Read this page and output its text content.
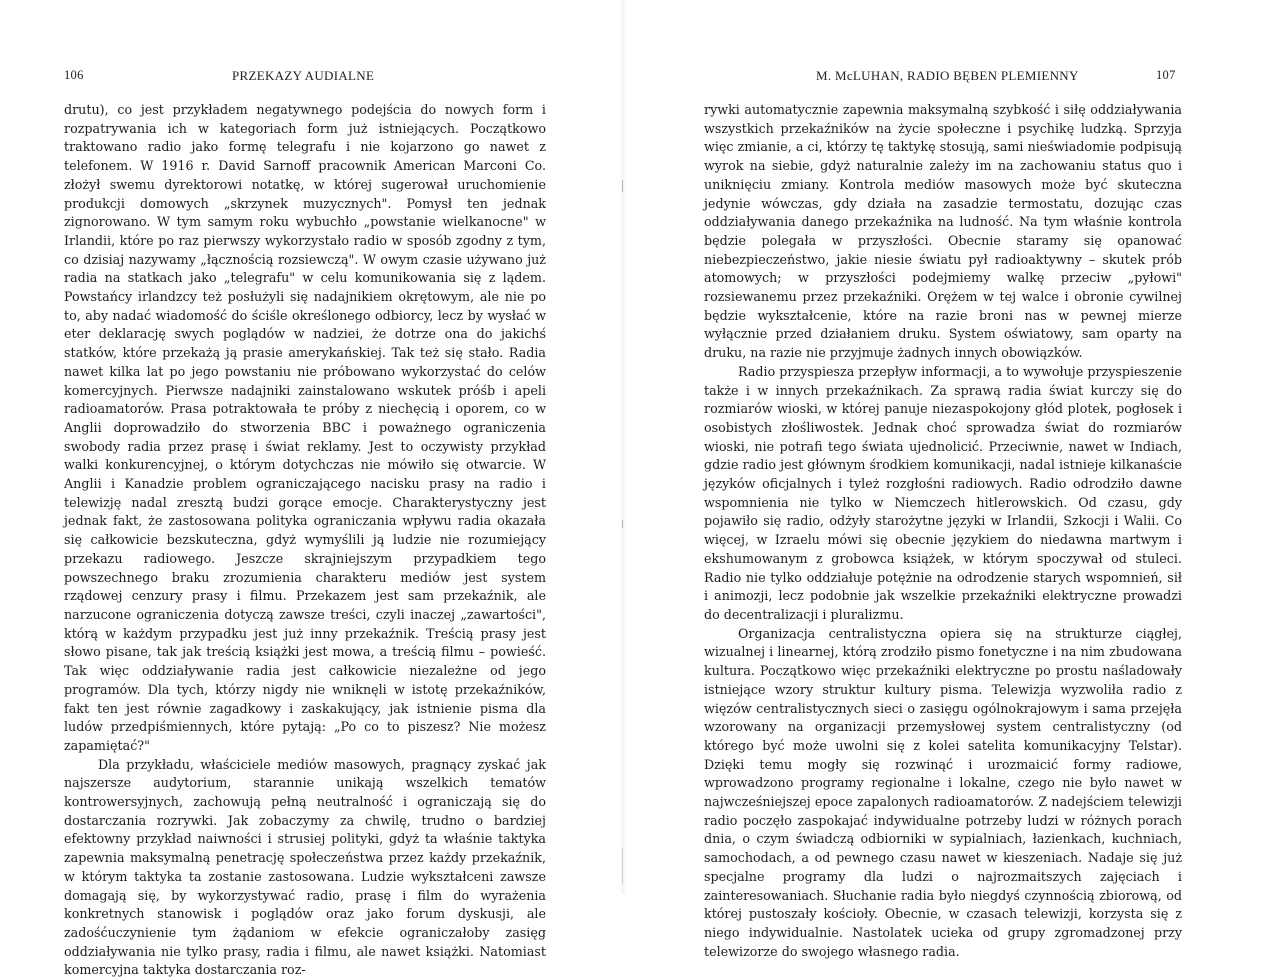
106	PRZEKAZY AUDIALNE

drutu), co jest przykładem negatywnego podejścia do nowych form i rozpatrywania ich w kategoriach form już istniejących. Początkowo traktowano radio jako formę telegrafu i nie kojarzono go nawet z telefonem. W 1916 r. David Sarnoff pracownik American Marconi Co. złożył swemu dyrektorowi notatkę, w której sugerował uruchomienie produkcji domowych „skrzynek muzycznych". Pomysł ten jednak zignorowano. W tym samym roku wybuchło „powstanie wielkanocne" w Irlandii, które po raz pierwszy wykorzystało radio w sposób zgodny z tym, co dzisiaj nazywamy „łącznością rozsiewczą". W owym czasie używano już radia na statkach jako „telegrafu" w celu komunikowania się z lądem. Powstańcy irlandzcy też posłużyli się nadajnikiem okrętowym, ale nie po to, aby nadać wiadomość do ściśle określonego odbiorcy, lecz by wysłać w eter deklarację swych poglądów w nadziei, że dotrze ona do jakichś statków, które przekażą ją prasie amerykańskiej. Tak też się stało. Radia nawet kilka lat po jego powstaniu nie próbowano wykorzystać do celów komercyjnych. Pierwsze nadajniki zainstalowano wskutek próśb i apeli radioamatorów. Prasa potraktowała te próby z niechęcią i oporem, co w Anglii doprowadziło do stworzenia BBC i poważnego ograniczenia swobody radia przez prasę i świat reklamy. Jest to oczywisty przykład walki konkurencyjnej, o którym dotychczas nie mówiło się otwarcie. W Anglii i Kanadzie problem ograniczającego nacisku prasy na radio i telewizję nadal zresztą budzi gorące emocje. Charakterystyczny jest jednak fakt, że zastosowana polityka ograniczania wpływu radia okazała się całkowicie bezskuteczna, gdyż wymyślili ją ludzie nie rozumiejący przekazu radiowego. Jeszcze skrajniejszym przypadkiem tego powszechnego braku zrozumienia charakteru mediów jest system rządowej cenzury prasy i filmu. Przekazem jest sam przekaźnik, ale narzucone ograniczenia dotyczą zawsze treści, czyli inaczej „zawartości", którą w każdym przypadku jest już inny przekaźnik. Treścią prasy jest słowo pisane, tak jak treścią książki jest mowa, a treścią filmu – powieść. Tak więc oddziaływanie radia jest całkowicie niezależne od jego programów. Dla tych, którzy nigdy nie wniknęli w istotę przekaźników, fakt ten jest równie zagadkowy i zaskakujący, jak istnienie pisma dla ludów przedpiśmiennych, które pytają: „Po co to piszesz? Nie możesz zapamiętać?"

Dla przykładu, właściciele mediów masowych, pragnący zyskać jak najszersze audytorium, starannie unikają wszelkich tematów kontrowersyjnych, zachowują pełną neutralność i ograniczają się do dostarczania rozrywki. Jak zobaczymy za chwilę, trudno o bardziej efektowny przykład naiwności i strusiej polityki, gdyż ta właśnie taktyka zapewnia maksymalną penetrację społeczeństwa przez każdy przekaźnik, w którym taktyka ta zostanie zastosowana. Ludzie wykształceni zawsze domagają się, by wykorzystywać radio, prasę i film do wyrażenia konkretnych stanowisk i poglądów oraz jako forum dyskusji, ale zadośćuczynienie tym żądaniom w efekcie ograniczałoby zasięg oddziaływania nie tylko prasy, radia i filmu, ale nawet książki. Natomiast komercyjna taktyka dostarczania roz-

M. McLUHAN, RADIO BĘBEN PLEMIENNY	107

rywki automatycznie zapewnia maksymalną szybkość i siłę oddziaływania wszystkich przekaźników na życie społeczne i psychikę ludzką. Sprzyja więc zmianie, a ci, którzy tę taktykę stosują, sami nieświadomie podpisują wyrok na siebie, gdyż naturalnie zależy im na zachowaniu status quo i uniknięciu zmiany. Kontrola mediów masowych może być skuteczna jedynie wówczas, gdy działa na zasadzie termostatu, dozując czas oddziaływania danego przekaźnika na ludność. Na tym właśnie kontrola będzie polegała w przyszłości. Obecnie staramy się opanować niebezpieczeństwo, jakie niesie światu pył radioaktywny – skutek prób atomowych; w przyszłości podejmiemy walkę przeciw „pyłowi" rozsiewanemu przez przekaźniki. Orężem w tej walce i obronie cywilnej będzie wykształcenie, które na razie broni nas w pewnej mierze wyłącznie przed działaniem druku. System oświatowy, sam oparty na druku, na razie nie przyjmuje żadnych innych obowiązków.

Radio przyspiesza przepływ informacji, a to wywołuje przyspieszenie także i w innych przekaźnikach. Za sprawą radia świat kurczy się do rozmiarów wioski, w której panuje niezaspokojony głód plotek, pogłosek i osobistych złośliwostek. Jednak choć sprowadza świat do rozmiarów wioski, nie potrafi tego świata ujednolicić. Przeciwnie, nawet w Indiach, gdzie radio jest głównym środkiem komunikacji, nadal istnieje kilkanaście języków oficjalnych i tyleż rozgłośni radiowych. Radio odrodziło dawne wspomnienia nie tylko w Niemczech hitlerowskich. Od czasu, gdy pojawiło się radio, odżyły starożytne języki w Irlandii, Szkocji i Walii. Co więcej, w Izraelu mówi się obecnie językiem do niedawna martwym i ekshumowanym z grobowca książek, w którym spoczywał od stuleci. Radio nie tylko oddziałuje potężnie na odrodzenie starych wspomnień, sił i animozji, lecz podobnie jak wszelkie przekaźniki elektryczne prowadzi do decentralizacji i pluralizmu.

Organizacja centralistyczna opiera się na strukturze ciągłej, wizualnej i linearnej, którą zrodziło pismo fonetyczne i na nim zbudowana kultura. Początkowo więc przekaźniki elektryczne po prostu naśladowały istniejące wzory struktur kultury pisma. Telewizja wyzwoliła radio z więzów centralistycznych sieci o zasięgu ogólnokrajowym i sama przejęła wzorowany na organizacji przemysłowej system centralistyczny (od którego być może uwolni się z kolei satelita komunikacyjny Telstar). Dzięki temu mogły się rozwinąć i urozmaicić formy radiowe, wprowadzono programy regionalne i lokalne, czego nie było nawet w najwcześniejszej epoce zapalonych radioamatorów. Z nadejściem telewizji radio poczęło zaspokajać indywidualne potrzeby ludzi w różnych porach dnia, o czym świadczą odbiorniki w sypialniach, łazienkach, kuchniach, samochodach, a od pewnego czasu nawet w kieszeniach. Nadaje się już specjalne programy dla ludzi o najrozmaitszych zajęciach i zainteresowaniach. Słuchanie radia było niegdyś czynnością zbiorową, od której pustoszały kościoły. Obecnie, w czasach telewizji, korzysta się z niego indywidualnie. Nastolatek ucieka od grupy zgromadzonej przy telewizorze do swojego własnego radia.
